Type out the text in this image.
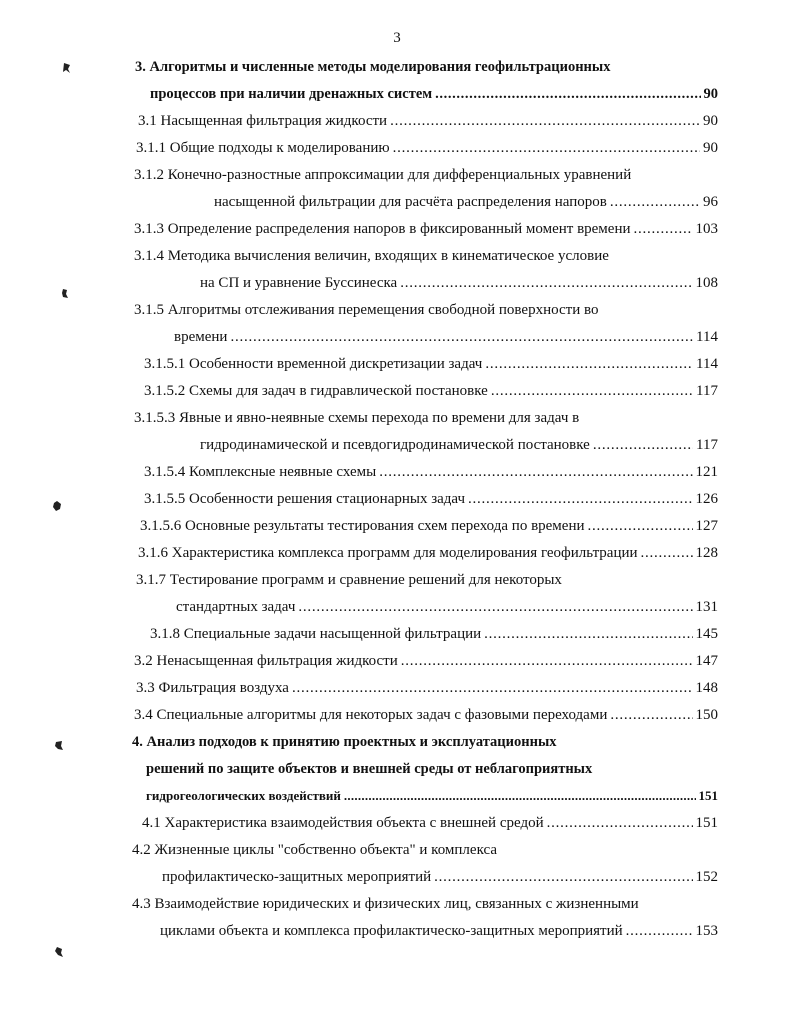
3
3. Алгоритмы и численные методы моделирования геофильтрационных
процессов при наличии дренажных систем . . .	90
3.1 Насыщенная фильтрация жидкости . . .	90
3.1.1 Общие подходы к моделированию . . .	90
3.1.2 Конечно-разностные аппроксимации для дифференциальных уравнений
насыщенной фильтрации для расчёта распределения напоров . . .	96
3.1.3 Определение распределения напоров в фиксированный момент времени . . .	103
3.1.4 Методика вычисления величин, входящих в кинематическое условие
на СП и уравнение Буссинеска . . .	108
3.1.5 Алгоритмы отслеживания перемещения свободной поверхности во
времени . . .	114
3.1.5.1 Особенности временной дискретизации задач . . .	114
3.1.5.2 Схемы для задач в гидравлической постановке . . .	117
3.1.5.3 Явные и явно-неявные схемы перехода по времени для задач в
гидродинамической и псевдогидродинамической постановке . . .	117
3.1.5.4 Комплексные неявные схемы . . .	121
3.1.5.5 Особенности решения стационарных задач . . .	126
3.1.5.6 Основные результаты тестирования схем перехода по времени . . .	127
3.1.6 Характеристика комплекса программ для моделирования геофильтрации . . .	128
3.1.7 Тестирование программ и сравнение решений для некоторых
стандартных задач . . .	131
3.1.8 Специальные задачи насыщенной фильтрации . . .	145
3.2 Ненасыщенная фильтрация жидкости . . .	147
3.3 Фильтрация воздуха . . .	148
3.4 Специальные алгоритмы для некоторых задач с фазовыми переходами . . .	150
4. Анализ подходов к принятию проектных и эксплуатационных
решений по защите объектов и внешней среды от неблагоприятных
гидрогеологических воздействий . . .	151
4.1 Характеристика взаимодействия объекта с внешней средой . . .	151
4.2 Жизненные циклы "собственно объекта" и комплекса
профилактическо-защитных мероприятий . . .	152
4.3 Взаимодействие юридических и физических лиц, связанных с жизненными
циклами объекта и комплекса профилактическо-защитных мероприятий . . .	153
